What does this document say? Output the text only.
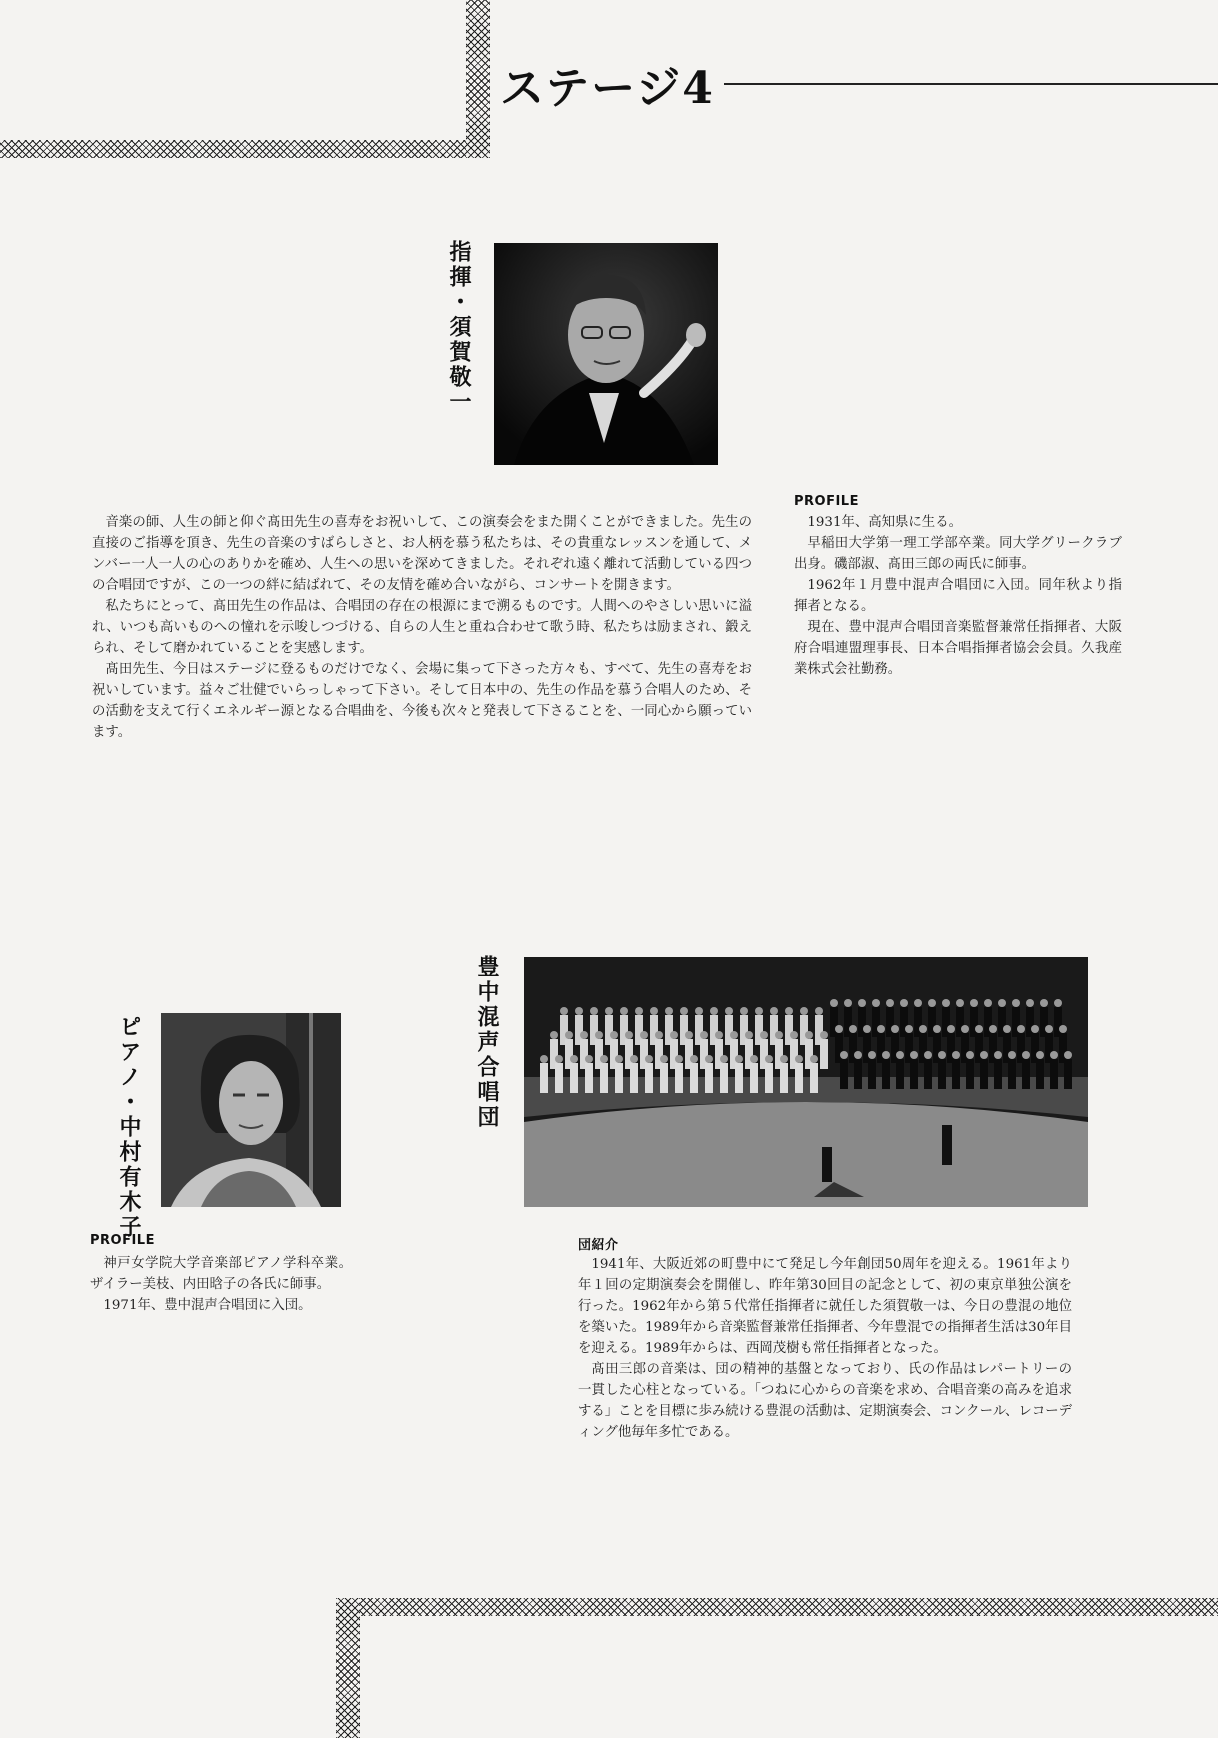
ステージ4
指揮・須賀敬一
PROFILE

1931年、高知県に生る。

早稲田大学第一理工学部卒業。同大学グリークラブ出身。磯部淑、髙田三郎の両氏に師事。

1962年１月豊中混声合唱団に入団。同年秋より指揮者となる。

現在、豊中混声合唱団音楽監督兼常任指揮者、大阪府合唱連盟理事長、日本合唱指揮者協会会員。久我産業株式会社勤務。

音楽の師、人生の師と仰ぐ髙田先生の喜寿をお祝いして、この演奏会をまた開くことができました。先生の直接のご指導を頂き、先生の音楽のすばらしさと、お人柄を慕う私たちは、その貴重なレッスンを通して、メンバー一人一人の心のありかを確め、人生への思いを深めてきました。それぞれ遠く離れて活動している四つの合唱団ですが、この一つの絆に結ばれて、その友情を確め合いながら、コンサートを開きます。

私たちにとって、髙田先生の作品は、合唱団の存在の根源にまで溯るものです。人間へのやさしい思いに溢れ、いつも高いものへの憧れを示唆しつづける、自らの人生と重ね合わせて歌う時、私たちは励まされ、鍛えられ、そして磨かれていることを実感します。

髙田先生、今日はステージに登るものだけでなく、会場に集って下さった方々も、すべて、先生の喜寿をお祝いしています。益々ご壮健でいらっしゃって下さい。そして日本中の、先生の作品を慕う合唱人のため、その活動を支えて行くエネルギー源となる合唱曲を、今後も次々と発表して下さることを、一同心から願っています。

豊中混声合唱団
団紹介

1941年、大阪近郊の町豊中にて発足し今年創団50周年を迎える。1961年より年１回の定期演奏会を開催し、昨年第30回目の記念として、初の東京単独公演を行った。1962年から第５代常任指揮者に就任した須賀敬一は、今日の豊混の地位を築いた。1989年から音楽監督兼常任指揮者、今年豊混での指揮者生活は30年目を迎える。1989年からは、西岡茂樹も常任指揮者となった。

髙田三郎の音楽は、団の精神的基盤となっており、氏の作品はレパートリーの一貫した心柱となっている。「つねに心からの音楽を求め、合唱音楽の高みを追求する」ことを目標に歩み続ける豊混の活動は、定期演奏会、コンクール、レコーディング他毎年多忙である。

ピアノ・中村有木子
PROFILE

神戸女学院大学音楽部ピアノ学科卒業。ザイラー美枝、内田晗子の各氏に師事。

1971年、豊中混声合唱団に入団。
